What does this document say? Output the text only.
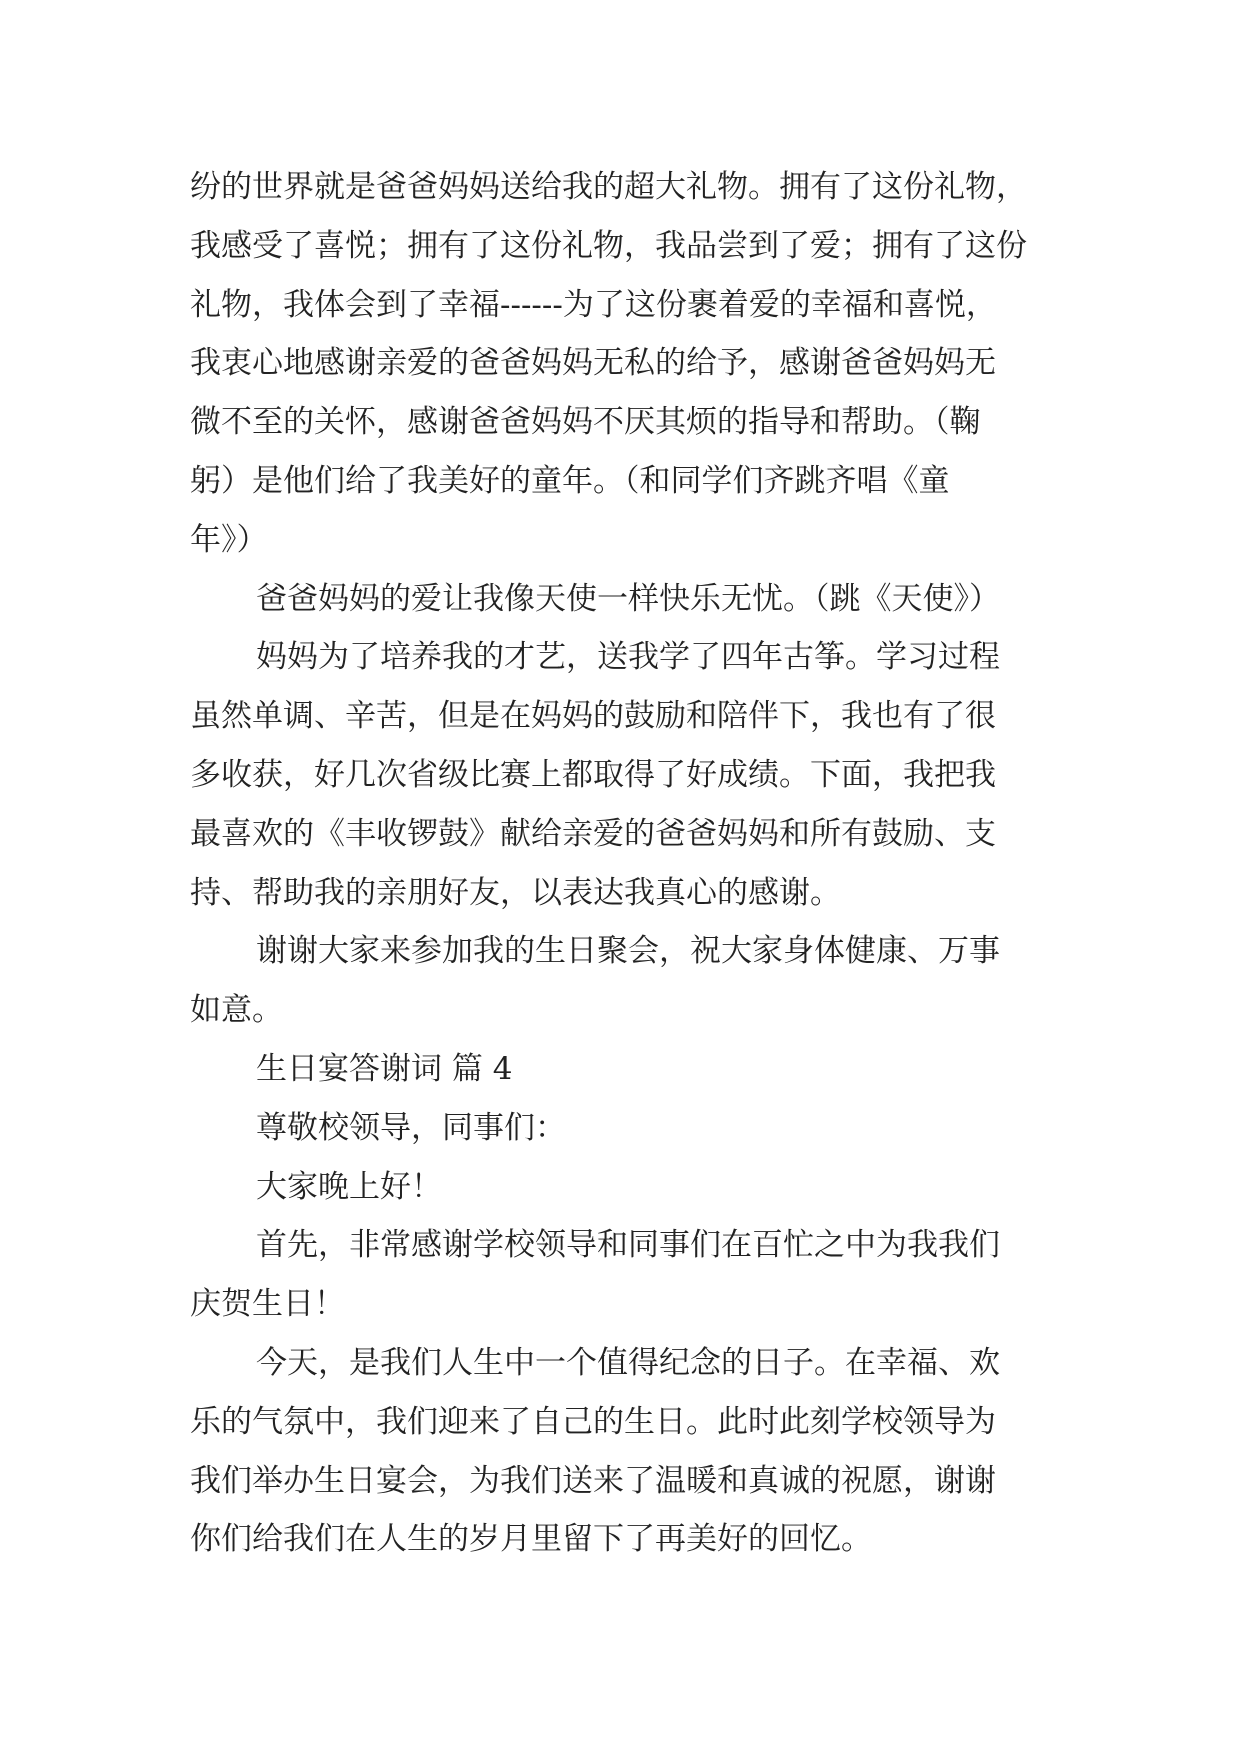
纷的世界就是爸爸妈妈送给我的超大礼物。拥有了这份礼物，
我感受了喜悦；拥有了这份礼物，我品尝到了爱；拥有了这份
礼物，我体会到了幸福------为了这份裹着爱的幸福和喜悦，
我衷心地感谢亲爱的爸爸妈妈无私的给予，感谢爸爸妈妈无
微不至的关怀，感谢爸爸妈妈不厌其烦的指导和帮助。（鞠
躬）是他们给了我美好的童年。（和同学们齐跳齐唱《童
年》）
爸爸妈妈的爱让我像天使一样快乐无忧。（跳《天使》）
妈妈为了培养我的才艺，送我学了四年古筝。学习过程
虽然单调、辛苦，但是在妈妈的鼓励和陪伴下，我也有了很
多收获，好几次省级比赛上都取得了好成绩。下面，我把我
最喜欢的《丰收锣鼓》献给亲爱的爸爸妈妈和所有鼓励、支
持、帮助我的亲朋好友，以表达我真心的感谢。
谢谢大家来参加我的生日聚会，祝大家身体健康、万事
如意。
生日宴答谢词 篇 4
尊敬校领导，同事们：
大家晚上好！
首先，非常感谢学校领导和同事们在百忙之中为我我们
庆贺生日！
今天，是我们人生中一个值得纪念的日子。在幸福、欢
乐的气氛中，我们迎来了自己的生日。此时此刻学校领导为
我们举办生日宴会，为我们送来了温暖和真诚的祝愿，谢谢
你们给我们在人生的岁月里留下了再美好的回忆。
